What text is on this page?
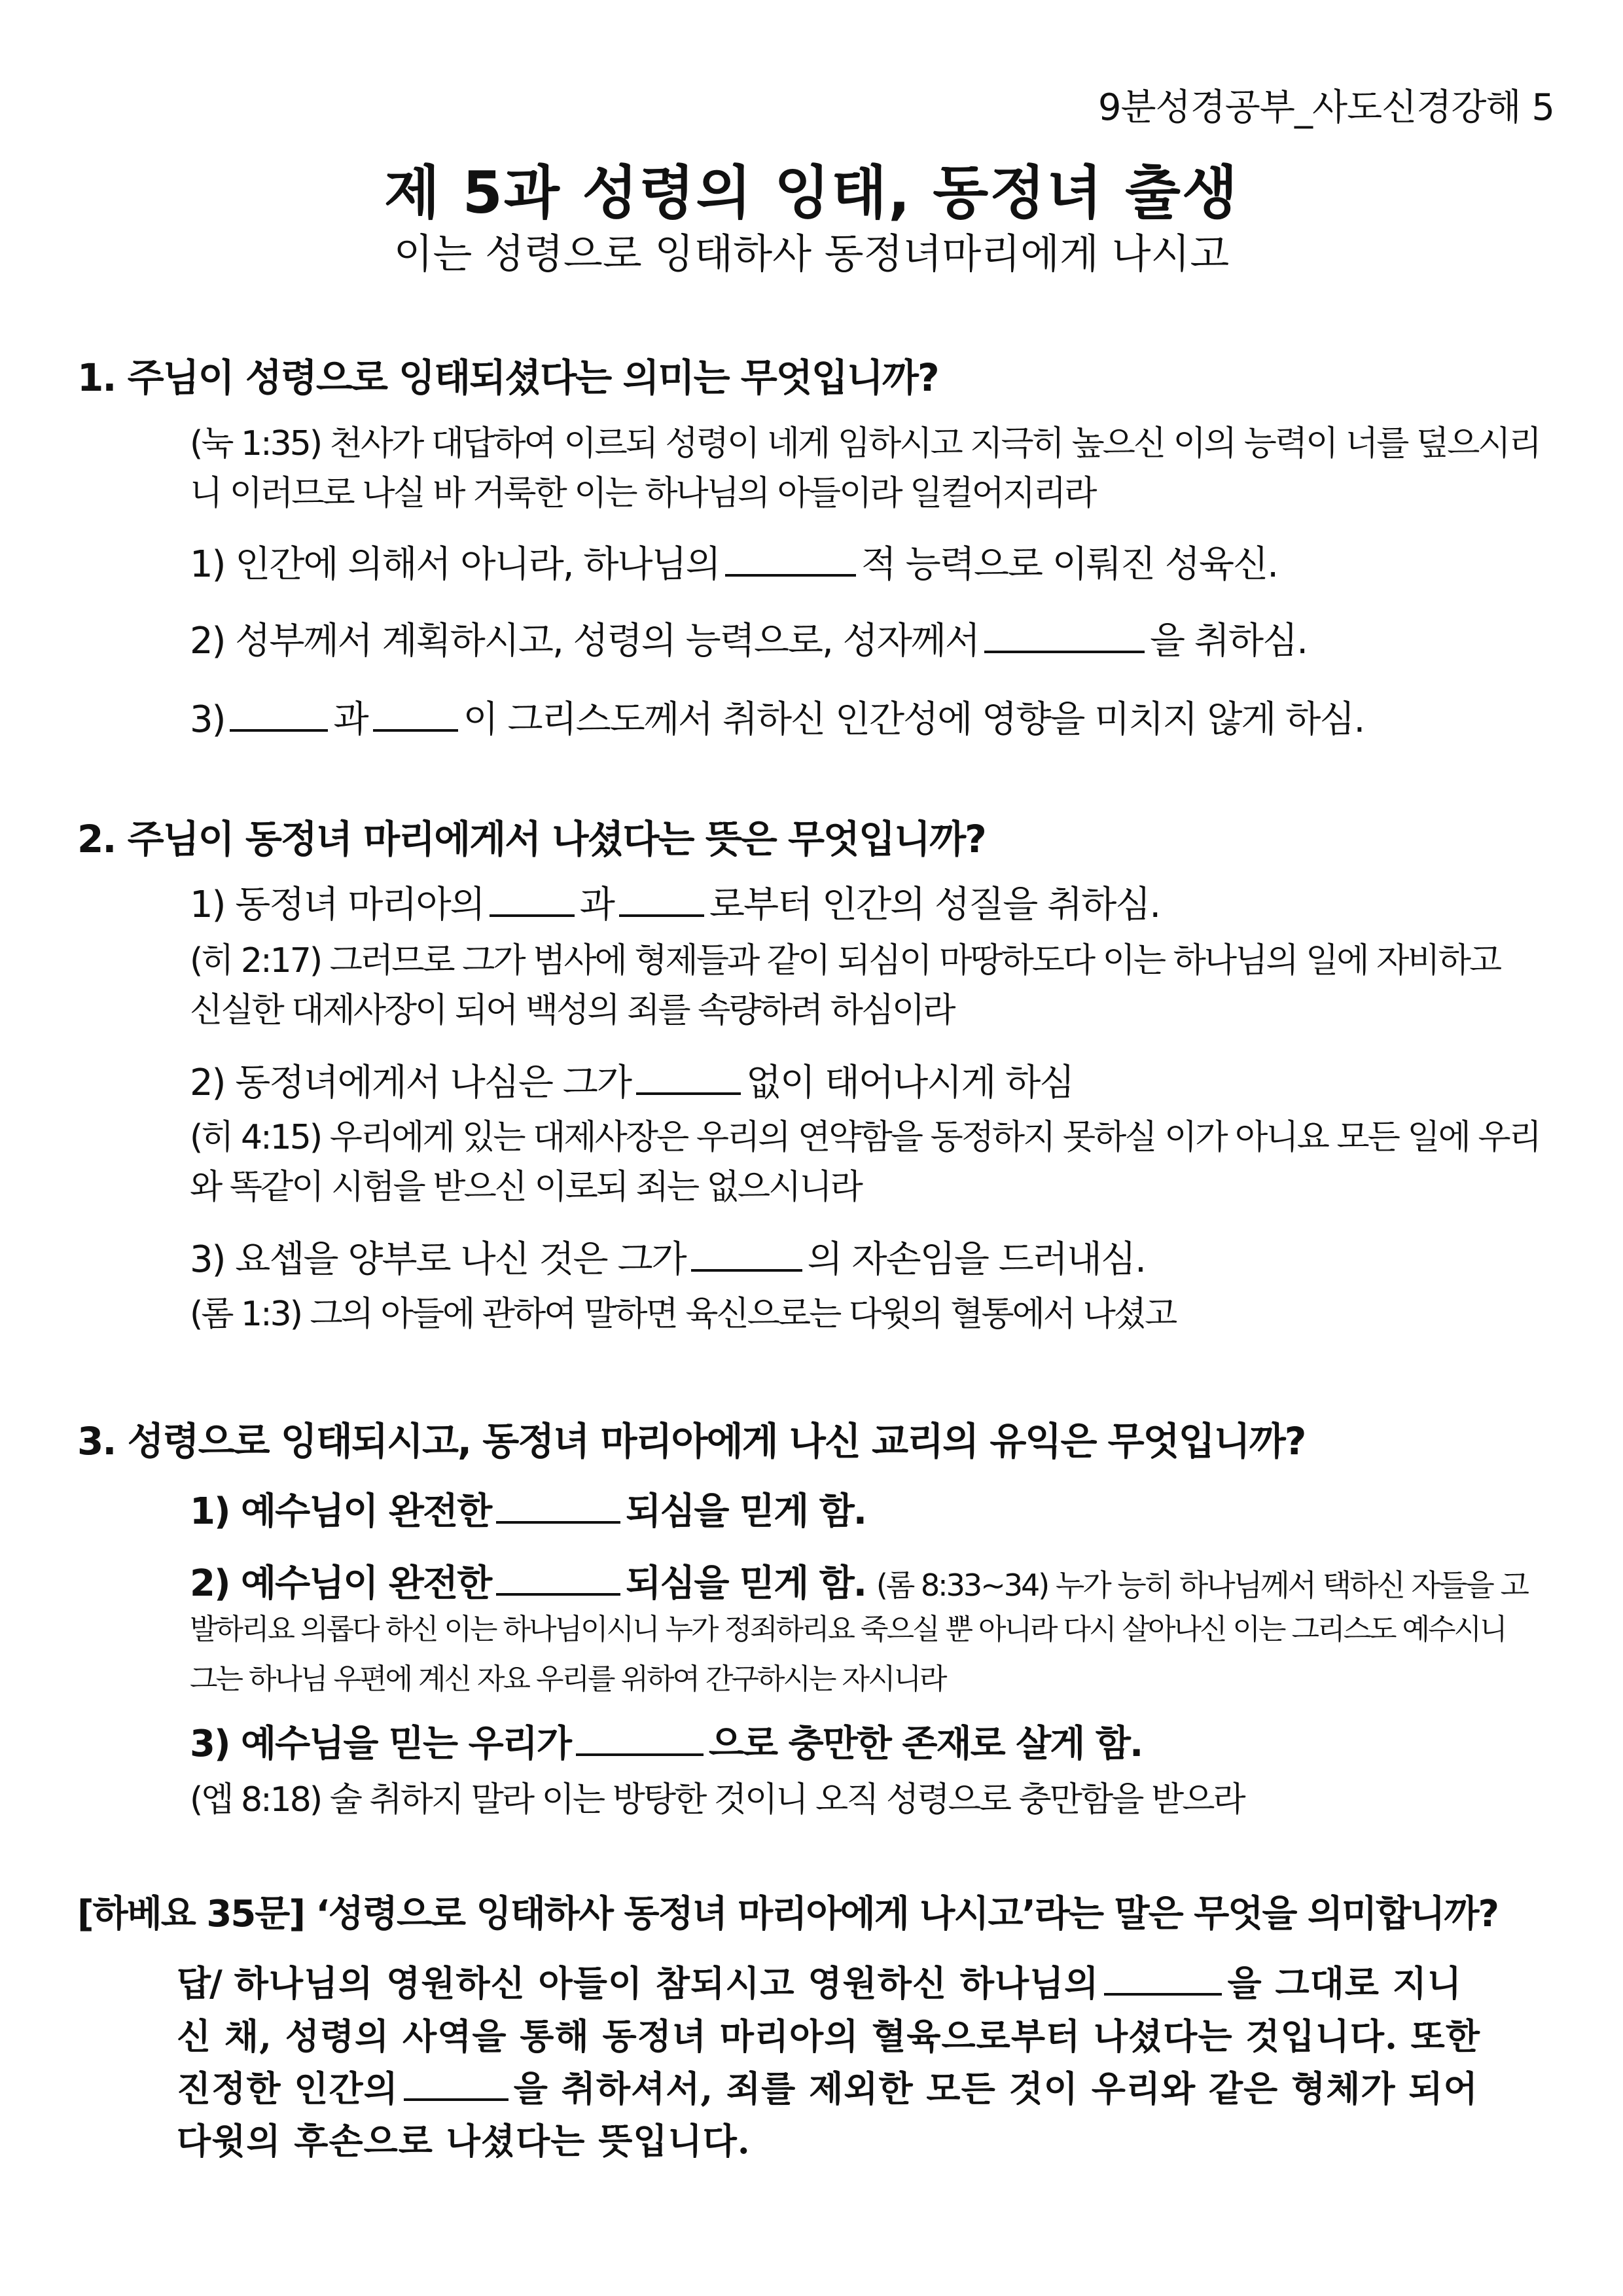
9분성경공부_사도신경강해 5
제 5과 성령의 잉태, 동정녀 출생
이는 성령으로 잉태하사 동정녀마리에게 나시고
1. 주님이 성령으로 잉태되셨다는 의미는 무엇입니까?
(눅 1:35) 천사가 대답하여 이르되 성령이 네게 임하시고 지극히 높으신 이의 능력이 너를 덮으시리
니 이러므로 나실 바 거룩한 이는 하나님의 아들이라 일컬어지리라
1) 인간에 의해서 아니라, 하나님의	적 능력으로 이뤄진 성육신.
2) 성부께서 계획하시고, 성령의 능력으로, 성자께서	을 취하심.
3)	과	이 그리스도께서 취하신 인간성에 영향을 미치지 않게 하심.
2. 주님이 동정녀 마리에게서 나셨다는 뜻은 무엇입니까?
1) 동정녀 마리아의	과	로부터 인간의 성질을 취하심.
(히 2:17) 그러므로 그가 범사에 형제들과 같이 되심이 마땅하도다 이는 하나님의 일에 자비하고
신실한 대제사장이 되어 백성의 죄를 속량하려 하심이라
2) 동정녀에게서 나심은 그가	없이 태어나시게 하심
(히 4:15) 우리에게 있는 대제사장은 우리의 연약함을 동정하지 못하실 이가 아니요 모든 일에 우리
와 똑같이 시험을 받으신 이로되 죄는 없으시니라
3) 요셉을 양부로 나신 것은 그가	의 자손임을 드러내심.
(롬 1:3) 그의 아들에 관하여 말하면 육신으로는 다윗의 혈통에서 나셨고
3. 성령으로 잉태되시고, 동정녀 마리아에게 나신 교리의 유익은 무엇입니까?
1) 예수님이 완전한	되심을 믿게 함.
2) 예수님이 완전한	되심을 믿게 함. (롬 8:33~34) 누가 능히 하나님께서 택하신 자들을 고
발하리요 의롭다 하신 이는 하나님이시니 누가 정죄하리요 죽으실 뿐 아니라 다시 살아나신 이는 그리스도 예수시니
그는 하나님 우편에 계신 자요 우리를 위하여 간구하시는 자시니라
3) 예수님을 믿는 우리가	으로 충만한 존재로 살게 함.
(엡 8:18) 술 취하지 말라 이는 방탕한 것이니 오직 성령으로 충만함을 받으라
[하베요 35문] ‘성령으로 잉태하사 동정녀 마리아에게 나시고’라는 말은 무엇을 의미합니까?
답/ 하나님의 영원하신 아들이 참되시고 영원하신 하나님의	을 그대로 지니
신 채, 성령의 사역을 통해 동정녀 마리아의 혈육으로부터 나셨다는 것입니다. 또한
진정한 인간의	을 취하셔서, 죄를 제외한 모든 것이 우리와 같은 형체가 되어
다윗의 후손으로 나셨다는 뜻입니다.
